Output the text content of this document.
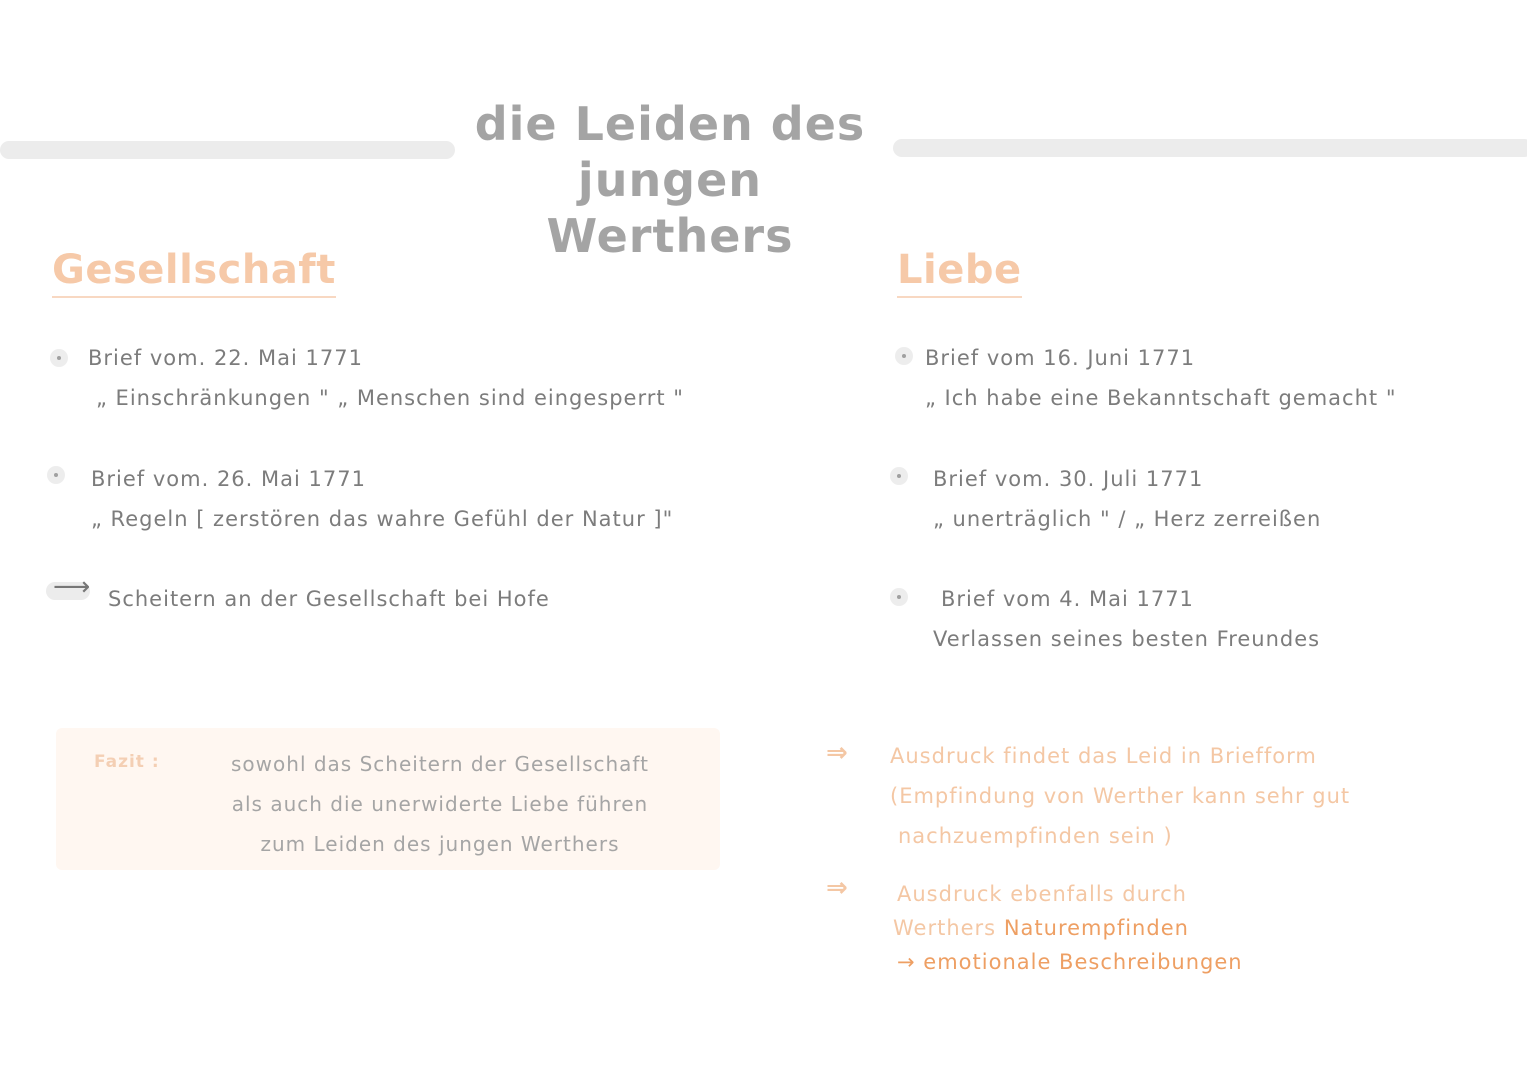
die Leiden des
jungen Werthers
Gesellschaft	Liebe
Brief vom. 22. Mai 1771
„ Einschränkungen " „ Menschen sind eingesperrt "
Brief vom. 26. Mai 1771
„ Regeln [ zerstören das wahre Gefühl der Natur ]"
⟶ Scheitern an der Gesellschaft bei Hofe
Brief vom 16. Juni 1771
„ Ich habe eine Bekanntschaft gemacht "
Brief vom. 30. Juli 1771
„ unerträglich " / „ Herz zerreißen
Brief vom 4. Mai 1771
Verlassen seines besten Freundes
Fazit :	sowohl das Scheitern der Gesellschaft
als auch die unerwiderte Liebe führen
zum Leiden des jungen Werthers
⇒ Ausdruck findet das Leid in Briefform
(Empfindung von Werther kann sehr gut
nachzuempfinden sein )
⇒ Ausdruck ebenfalls durch
Werthers Naturempfinden
→ emotionale Beschreibungen
